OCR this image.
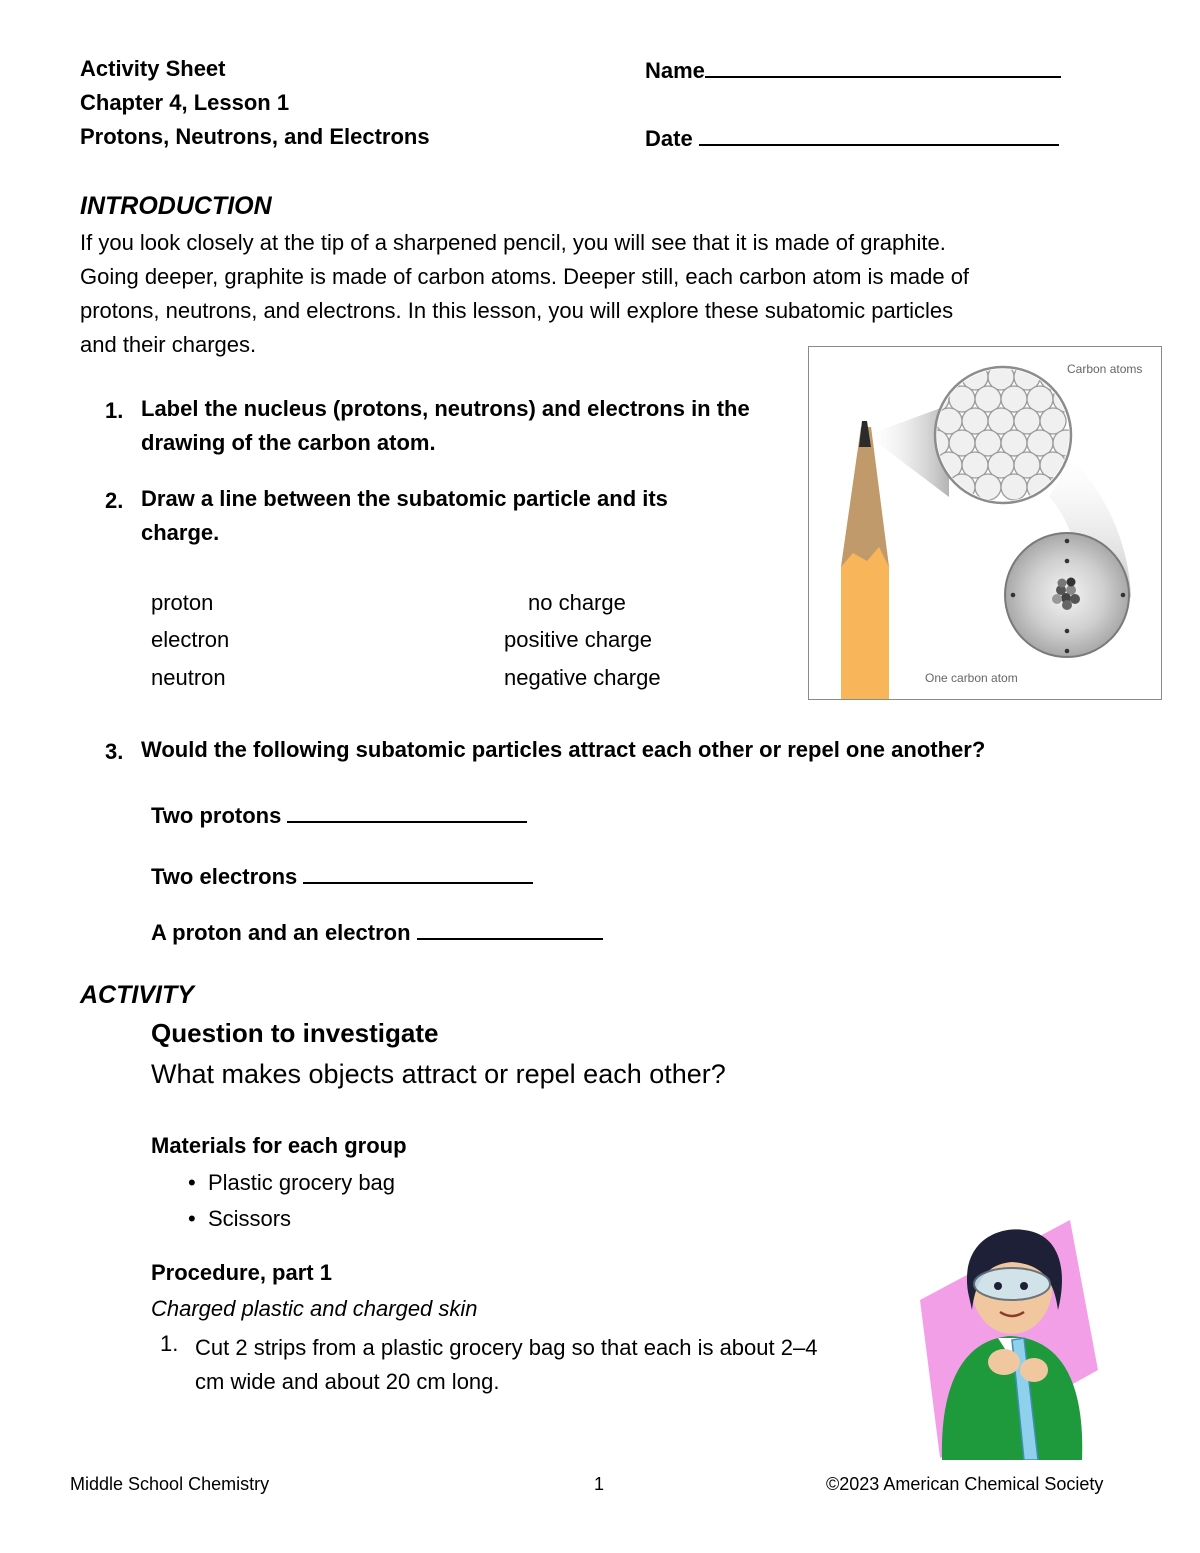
Activity Sheet
Chapter 4, Lesson 1
Protons, Neutrons, and Electrons
Name
Date
INTRODUCTION
If you look closely at the tip of a sharpened pencil, you will see that it is made of graphite.
Going deeper, graphite is made of carbon atoms. Deeper still, each carbon atom is made of
protons, neutrons, and electrons. In this lesson, you will explore these subatomic particles
and their charges.
Carbon atoms
One carbon atom
1. Label the nucleus (protons, neutrons) and electrons in the
drawing of the carbon atom.
2. Draw a line between the subatomic particle and its
charge.
proton
electron
neutron
no charge
positive charge
negative charge
3. Would the following subatomic particles attract each other or repel one another?
Two protons
Two electrons
A proton and an electron
ACTIVITY
Question to investigate
What makes objects attract or repel each other?
Materials for each group
• Plastic grocery bag
• Scissors
Procedure, part 1
Charged plastic and charged skin
1. Cut 2 strips from a plastic grocery bag so that each is about 2–4
cm wide and about 20 cm long.
Middle School Chemistry	1	©2023 American Chemical Society
